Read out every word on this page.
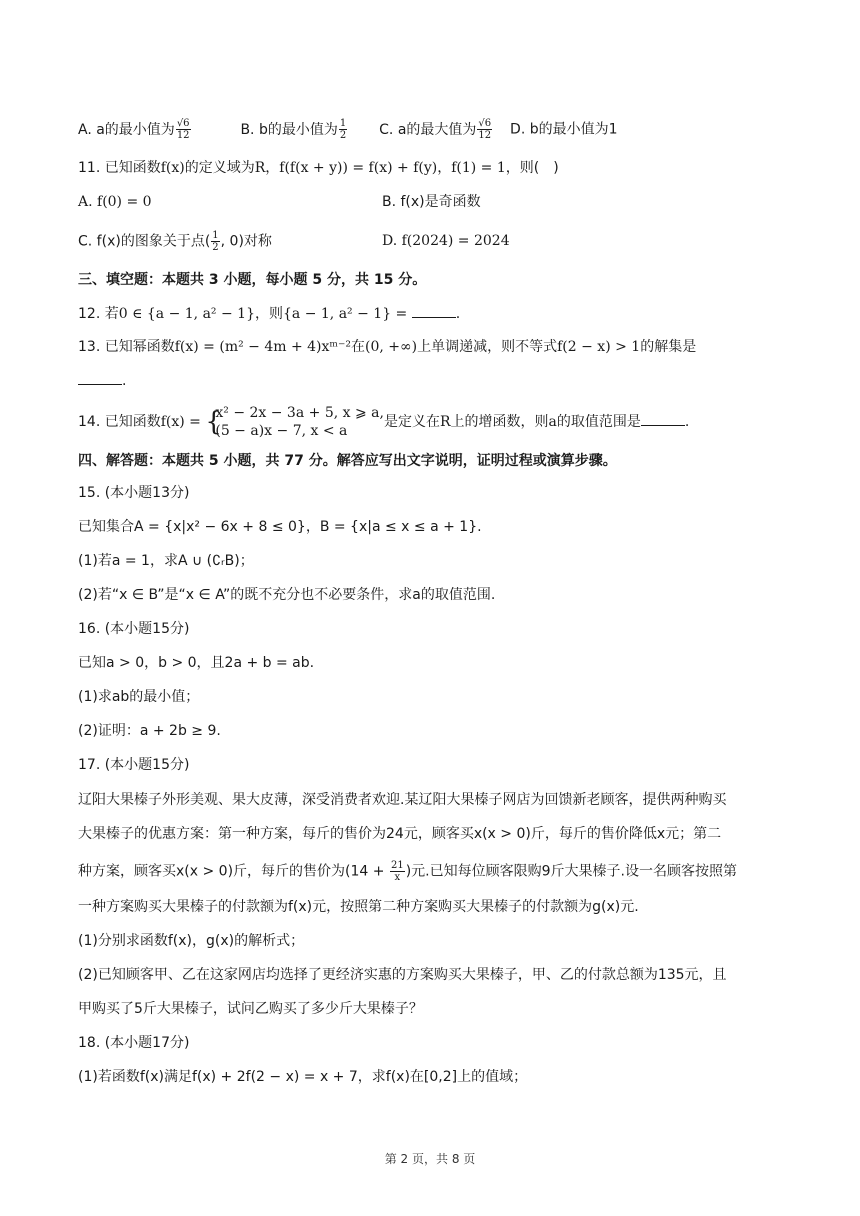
A. a的最小值为 $\frac{√6}{12}$	B. b的最小值为 $\frac{1}{2} C$. a的最大值为 $\frac{√6}{12} D$. b的最小值为1
11. 已知函数f(x)的定义域为R，f(f(x + y)) = f(x) + f(y)，f(1) = 1，则(　)
A. f(0) = 0	B. f(x)是奇函数
C. f(x)的图象关于点( $\frac{1}{2}$ , 0)对称	D. f(2024) = 2024
三、填空题：本题共 3 小题，每小题 5 分，共 15 分。
12. 若0 ∈ {a − 1, a² − 1}，则{a − 1, a² − 1} =	.
13. 已知幂函数f(x) = (m² − 4m + 4)xᵐ⁻²在(0, +∞)上单调递减，则不等式f(2 − x) > 1的解集是
.
14. 已知函数f(x) = {
x² − 2x − 3a + 5, x ⩾ a,
(5 − a)x − 7, x < a
是定义在R上的增函数，则a的取值范围是	.
四、解答题：本题共 5 小题，共 77 分。解答应写出文字说明，证明过程或演算步骤。
15. (本小题13分)
已知集合A = {x|x² − 6x + 8 ≤ 0}，B = {x|a ≤ x ≤ a + 1}.
(1)若a = 1，求A ∪ (∁ᵣB)；
(2)若“x ∈ B”是“x ∈ A”的既不充分也不必要条件，求a的取值范围.
16. (本小题15分)
已知a > 0，b > 0，且2a + b = ab.
(1)求ab的最小值；
(2)证明：a + 2b ≥ 9.
17. (本小题15分)
辽阳大果榛子外形美观、果大皮薄，深受消费者欢迎.某辽阳大果榛子网店为回馈新老顾客，提供两种购买
大果榛子的优惠方案：第一种方案，每斤的售价为24元，顾客买x(x > 0)斤，每斤的售价降低x元；第二
种方案，顾客买x(x > 0)斤，每斤的售价为($14 + \frac{21}{x}$ )元.已知每位顾客限购9斤大果榛子.设一名顾客按照第
一种方案购买大果榛子的付款额为f(x)元，按照第二种方案购买大果榛子的付款额为g(x)元.
(1)分别求函数f(x)，g(x)的解析式；
(2)已知顾客甲、乙在这家网店均选择了更经济实惠的方案购买大果榛子，甲、乙的付款总额为135元，且
甲购买了5斤大果榛子，试问乙购买了多少斤大果榛子？
18. (本小题17分)
(1)若函数f(x)满足f(x) + 2f(2 − x) = x + 7，求f(x)在[0,2]上的值域；
第 2 页，共 8 页
